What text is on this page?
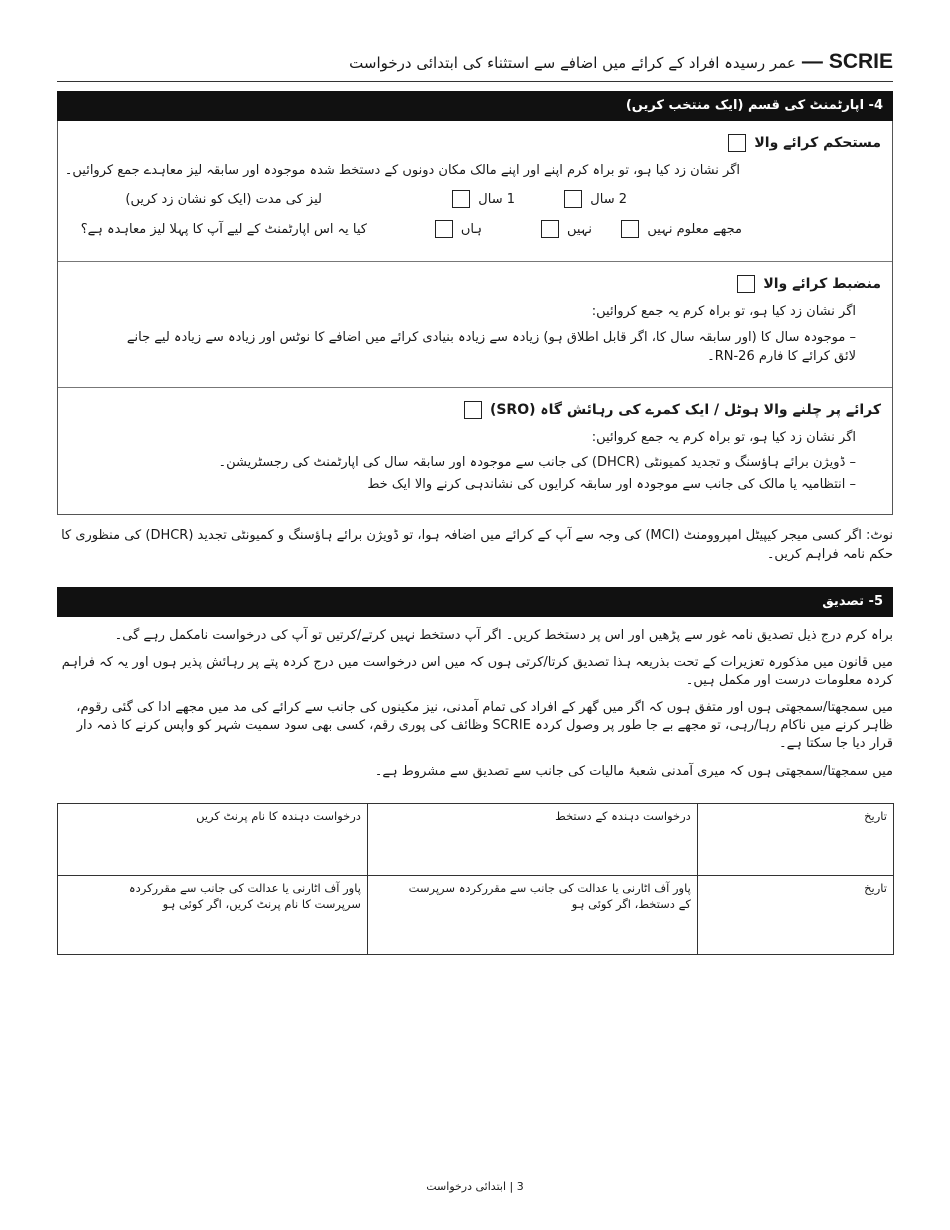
SCRIE—عمر رسیدہ افراد کے کرائے میں اضافے سے استثناء کی ابتدائی درخواست
4- اپارٹمنٹ کی قسم (ایک منتخب کریں)
مستحکم کرائے والا
اگر نشان زد کیا ہو، تو براہ کرم اپنے اور اپنے مالک مکان دونوں کے دستخط شدہ موجودہ اور سابقہ لیز معاہدے جمع کروائیں۔
لیز کی مدت (ایک کو نشان زد کریں)	1 سال	2 سال
کیا یہ اس اپارٹمنٹ کے لیے آپ کا پہلا لیز معاہدہ ہے؟	ہاں	نہیں	مجھے معلوم نہیں
منضبط کرائے والا
اگر نشان زد کیا ہو، تو براہ کرم یہ جمع کروائیں:
– موجودہ سال کا (اور سابقہ سال کا، اگر قابل اطلاق ہو) زیادہ سے زیادہ بنیادی کرائے میں اضافے کا نوٹس اور زیادہ سے زیادہ لیے جانے
لائق کرائے کا فارم RN-26۔
کرائے پر چلنے والا ہوٹل / ایک کمرے کی رہائش گاہ (SRO)
اگر نشان زد کیا ہو، تو براہ کرم یہ جمع کروائیں:
– ڈویژن برائے ہاؤسنگ و تجدید کمیونٹی (DHCR) کی جانب سے موجودہ اور سابقہ سال کی اپارٹمنٹ کی رجسٹریشن۔
– انتظامیہ یا مالک کی جانب سے موجودہ اور سابقہ کرایوں کی نشاندہی کرنے والا ایک خط
نوٹ: اگر کسی میجر کیپیٹل امپروومنٹ (MCI) کی وجہ سے آپ کے کرائے میں اضافہ ہوا، تو ڈویژن برائے ہاؤسنگ و کمیونٹی تجدید (DHCR) کی منظوری کا حکم نامہ فراہم کریں۔
5- تصدیق
براہ کرم درج ذیل تصدیق نامہ غور سے پڑھیں اور اس پر دستخط کریں۔ اگر آپ دستخط نہیں کرتے/کرتیں تو آپ کی درخواست نامکمل رہے گی۔
میں قانون میں مذکورہ تعزیرات کے تحت بذریعہ ہذا تصدیق کرتا/کرتی ہوں کہ میں اس درخواست میں درج کردہ پتے پر رہائش پذیر ہوں اور یہ کہ فراہم کردہ معلومات درست اور مکمل ہیں۔
میں سمجھتا/سمجھتی ہوں اور متفق ہوں کہ اگر میں گھر کے افراد کی تمام آمدنی، نیز مکینوں کی جانب سے کرائے کی مد میں مجھے ادا کی گئی رقوم، ظاہر کرنے میں ناکام رہا/رہی، تو مجھے بے جا طور پر وصول کردہ SCRIE وظائف کی پوری رقم، کسی بھی سود سمیت شہر کو واپس کرنے کا ذمہ دار قرار دیا جا سکتا ہے۔
میں سمجھتا/سمجھتی ہوں کہ میری آمدنی شعبۂ مالیات کی جانب سے تصدیق سے مشروط ہے۔
تاریخ	درخواست دہندہ کے دستخط	درخواست دہندہ کا نام پرنٹ کریں
تاریخ	پاور آف اٹارنی یا عدالت کی جانب سے مقررکردہ سرپرست کے دستخط، اگر کوئی ہو	پاور آف اٹارنی یا عدالت کی جانب سے مقررکردہ سرپرست کا نام پرنٹ کریں، اگر کوئی ہو
3 | ابتدائی درخواست
